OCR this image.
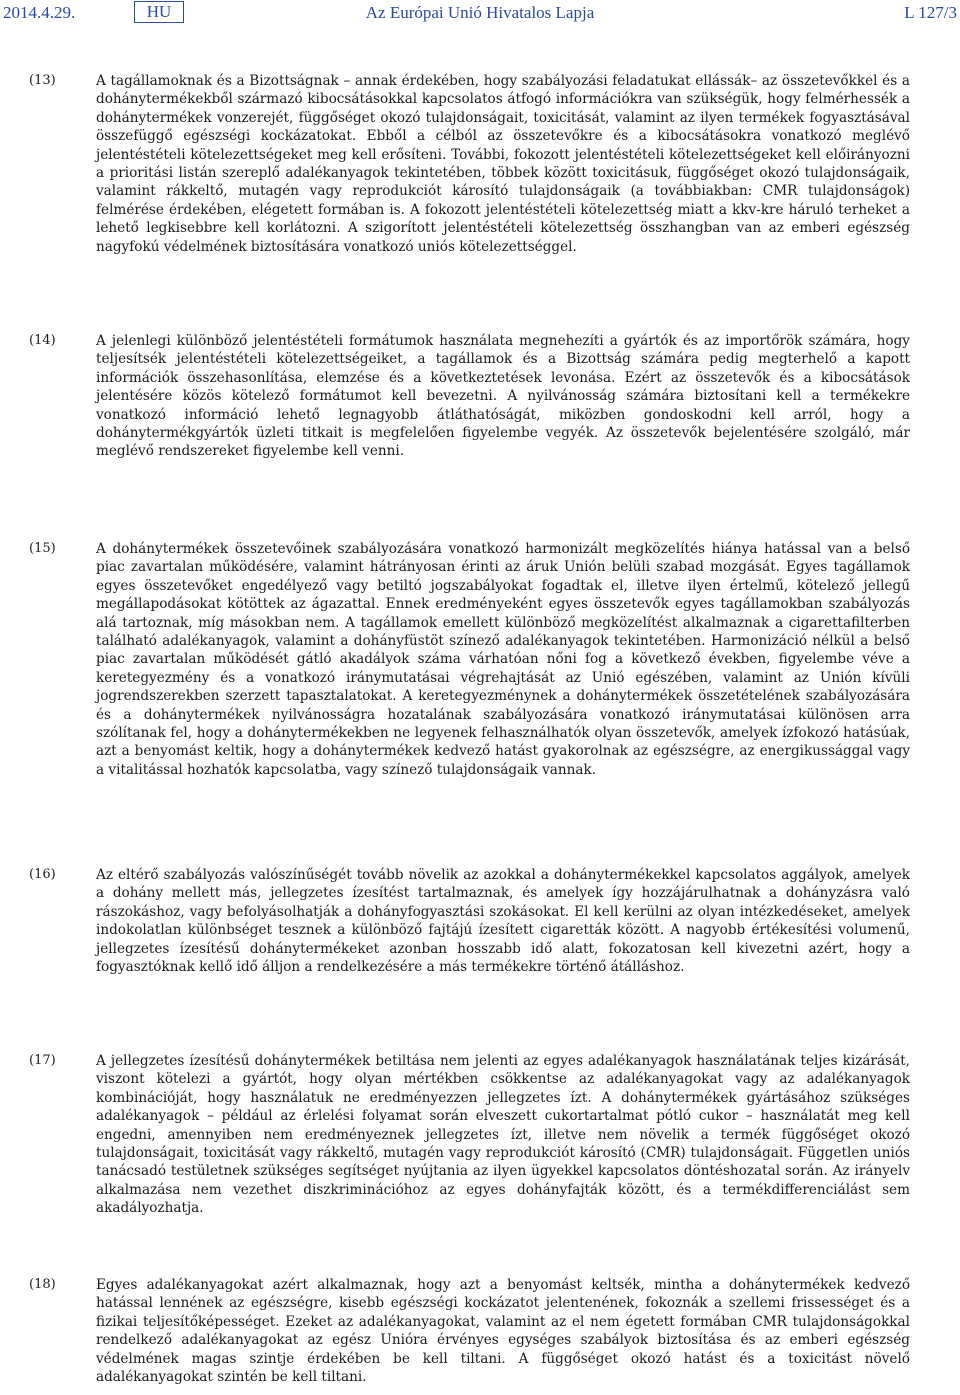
2014.4.29.	HU	Az Európai Unió Hivatalos Lapja	L 127/3
(13)	A tagállamoknak és a Bizottságnak – annak érdekében, hogy szabályozási feladatukat ellássák– az összetevőkkel és a dohánytermékekből származó kibocsátásokkal kapcsolatos átfogó információkra van szükségük, hogy felmérhessék a dohánytermékek vonzerejét, függőséget okozó tulajdonságait, toxicitását, valamint az ilyen termékek fogyasztásával összefüggő egészségi kockázatokat. Ebből a célból az összetevőkre és a kibocsátásokra vonatkozó meglévő jelentéstételi kötelezettségeket meg kell erősíteni. További, fokozott jelentéstételi kötelezettségeket kell előirányozni a prioritási listán szereplő adalékanyagok tekintetében, többek között toxicitásuk, függőséget okozó tulajdonságaik, valamint rákkeltő, mutagén vagy reprodukciót károsító tulajdonságaik (a továbbiakban: CMR tulajdonságok) felmérése érdekében, elégetett formában is. A fokozott jelentéstételi kötelezettség miatt a kkv-kre háruló terheket a lehető legkisebbre kell korlátozni. A szigorított jelentéstételi kötelezettség összhangban van az emberi egészség nagyfokú védelmének biztosítására vonatkozó uniós kötelezettséggel.
(14)	A jelenlegi különböző jelentéstételi formátumok használata megnehezíti a gyártók és az importőrök számára, hogy teljesítsék jelentéstételi kötelezettségeiket, a tagállamok és a Bizottság számára pedig megterhelő a kapott információk összehasonlítása, elemzése és a következtetések levonása. Ezért az összetevők és a kibocsátások jelentésére közös kötelező formátumot kell bevezetni. A nyilvánosság számára biztosítani kell a termékekre vonatkozó információ lehető legnagyobb átláthatóságát, miközben gondoskodni kell arról, hogy a dohánytermékgyártók üzleti titkait is megfelelően figyelembe vegyék. Az összetevők bejelentésére szolgáló, már meglévő rendszereket figyelembe kell venni.
(15)	A dohánytermékek összetevőinek szabályozására vonatkozó harmonizált megközelítés hiánya hatással van a belső piac zavartalan működésére, valamint hátrányosan érinti az áruk Unión belüli szabad mozgását. Egyes tagállamok egyes összetevőket engedélyező vagy betiltó jogszabályokat fogadtak el, illetve ilyen értelmű, kötelező jellegű megállapodásokat kötöttek az ágazattal. Ennek eredményeként egyes összetevők egyes tagállamokban szabályozás alá tartoznak, míg másokban nem. A tagállamok emellett különböző megközelítést alkalmaznak a cigarettafilterben található adalékanyagok, valamint a dohányfüstöt színező adalékanyagok tekintetében. Harmonizáció nélkül a belső piac zavartalan működését gátló akadályok száma várhatóan nőni fog a következő években, figyelembe véve a keretegyezmény és a vonatkozó iránymutatásai végrehajtását az Unió egészében, valamint az Unión kívüli jogrendszerekben szerzett tapasztalatokat. A keretegyezménynek a dohánytermékek összetételének szabályozására és a dohánytermékek nyilvánosságra hozatalának szabályozására vonatkozó iránymutatásai különösen arra szólítanak fel, hogy a dohánytermékekben ne legyenek felhasználhatók olyan összetevők, amelyek ízfokozó hatásúak, azt a benyomást keltik, hogy a dohánytermékek kedvező hatást gyakorolnak az egészségre, az energikussággal vagy a vitalitással hozhatók kapcsolatba, vagy színező tulajdonságaik vannak.
(16)	Az eltérő szabályozás valószínűségét tovább növelik az azokkal a dohánytermékekkel kapcsolatos aggályok, amelyek a dohány mellett más, jellegzetes ízesítést tartalmaznak, és amelyek így hozzájárulhatnak a dohányzásra való rászokáshoz, vagy befolyásolhatják a dohányfogyasztási szokásokat. El kell kerülni az olyan intézkedéseket, amelyek indokolatlan különbséget tesznek a különböző fajtájú ízesített cigaretták között. A nagyobb értékesítési volumenű, jellegzetes ízesítésű dohánytermékeket azonban hosszabb idő alatt, fokozatosan kell kivezetni azért, hogy a fogyasztóknak kellő idő álljon a rendelkezésére a más termékekre történő átálláshoz.
(17)	A jellegzetes ízesítésű dohánytermékek betiltása nem jelenti az egyes adalékanyagok használatának teljes kizárását, viszont kötelezi a gyártót, hogy olyan mértékben csökkentse az adalékanyagokat vagy az adalékanyagok kombinációját, hogy használatuk ne eredményezzen jellegzetes ízt. A dohánytermékek gyártásához szükséges adalékanyagok – például az érlelési folyamat során elveszett cukortartalmat pótló cukor – használatát meg kell engedni, amennyiben nem eredményeznek jellegzetes ízt, illetve nem növelik a termék függőséget okozó tulajdonságait, toxicitását vagy rákkeltő, mutagén vagy reprodukciót károsító (CMR) tulajdonságait. Független uniós tanácsadó testületnek szükséges segítséget nyújtania az ilyen ügyekkel kapcsolatos döntéshozatal során. Az irányelv alkalmazása nem vezethet diszkriminációhoz az egyes dohányfajták között, és a termékdifferenciálást sem akadályozhatja.
(18)	Egyes adalékanyagokat azért alkalmaznak, hogy azt a benyomást keltsék, mintha a dohánytermékek kedvező hatással lennének az egészségre, kisebb egészségi kockázatot jelentenének, fokoznák a szellemi frissességet és a fizikai teljesítőképességet. Ezeket az adalékanyagokat, valamint az el nem égetett formában CMR tulajdonságokkal rendelkező adalékanyagokat az egész Unióra érvényes egységes szabályok biztosítása és az emberi egészség védelmének magas szintje érdekében be kell tiltani. A függőséget okozó hatást és a toxicitást növelő adalékanyagokat szintén be kell tiltani.
